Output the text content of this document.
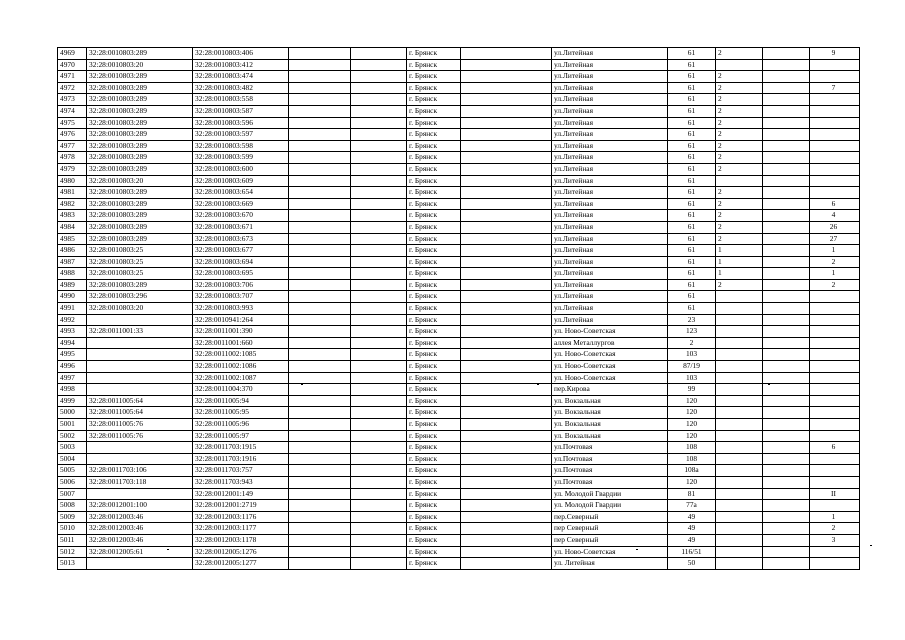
4969	32:28:0010803:289	32:28:0010803:406			г. Брянск		ул.Литейная	61	2		9
4970	32:28:0010803:20	32:28:0010803:412			г. Брянск		ул.Литейная	61			
4971	32:28:0010803:289	32:28:0010803:474			г. Брянск		ул.Литейная	61	2		
4972	32:28:0010803:289	32:28:0010803:482			г. Брянск		ул.Литейная	61	2		7
4973	32:28:0010803:289	32:28:0010803:558			г. Брянск		ул.Литейная	61	2		
4974	32:28:0010803:289	32:28:0010803:587			г. Брянск		ул.Литейная	61	2		
4975	32:28:0010803:289	32:28:0010803:596			г. Брянск		ул.Литейная	61	2		
4976	32:28:0010803:289	32:28:0010803:597			г. Брянск		ул.Литейная	61	2		
4977	32:28:0010803:289	32:28:0010803:598			г. Брянск		ул.Литейная	61	2		
4978	32:28:0010803:289	32:28:0010803:599			г. Брянск		ул.Литейная	61	2		
4979	32:28:0010803:289	32:28:0010803:600			г. Брянск		ул.Литейная	61	2		
4980	32:28:0010803:20	32:28:0010803:609			г. Брянск		ул.Литейная	61			
4981	32:28:0010803:289	32:28:0010803:654			г. Брянск		ул.Литейная	61	2		
4982	32:28:0010803:289	32:28:0010803:669			г. Брянск		ул.Литейная	61	2		6
4983	32:28:0010803:289	32:28:0010803:670			г. Брянск		ул.Литейная	61	2		4
4984	32:28:0010803:289	32:28:0010803:671			г. Брянск		ул.Литейная	61	2		26
4985	32:28:0010803:289	32:28:0010803:673			г. Брянск		ул.Литейная	61	2		27
4986	32:28:0010803:25	32:28:0010803:677			г. Брянск		ул.Литейная	61	1		1
4987	32:28:0010803:25	32:28:0010803:694			г. Брянск		ул.Литейная	61	1		2
4988	32:28:0010803:25	32:28:0010803:695			г. Брянск		ул.Литейная	61	1		1
4989	32:28:0010803:289	32:28:0010803:706			г. Брянск		ул.Литейная	61	2		2
4990	32:28:0010803:296	32:28:0010803:707			г. Брянск		ул.Литейная	61			
4991	32:28:0010803:20	32:28:0010803:993			г. Брянск		ул.Литейная	61			
4992		32:28:0010941:264			г. Брянск		ул.Литейная	23			
4993	32:28:0011001:33	32:28:0011001:390			г. Брянск		ул. Ново-Советская	123			
4994		32:28:0011001:660			г. Брянск		аллея Металлургов	2			
4995		32:28:0011002:1085			г. Брянск		ул. Ново-Советская	103			
4996		32:28:0011002:1086			г. Брянск		ул. Ново-Советская	87/19			
4997		32:28:0011002:1087			г. Брянск		ул. Ново-Советская	103			
4998		32:28:0011004:370			г. Брянск		пер.Кирова	99			
4999	32:28:0011005:64	32:28:0011005:94			г. Брянск		ул. Вокзальная	120			
5000	32:28:0011005:64	32:28:0011005:95			г. Брянск		ул. Вокзальная	120			
5001	32:28:0011005:76	32:28:0011005:96			г. Брянск		ул. Вокзальная	120			
5002	32:28:0011005:76	32:28:0011005:97			г. Брянск		ул. Вокзальная	120			
5003		32:28:0011703:1915			г. Брянск		ул.Почтовая	108			6
5004		32:28:0011703:1916			г. Брянск		ул.Почтовая	108			
5005	32:28:0011703:106	32:28:0011703:757			г. Брянск		ул.Почтовая	108а			
5006	32:28:0011703:118	32:28:0011703:943			г. Брянск		ул.Почтовая	120			
5007		32:28:0012001:149			г. Брянск		ул. Молодой Гвардии	81			II
5008	32:28:0012001:100	32:28:0012001:2719			г. Брянск		ул. Молодой Гвардии	77а			
5009	32:28:0012003:46	32:28:0012003:1176			г. Брянск		пер.Северный	49			1
5010	32:28:0012003:46	32:28:0012003:1177			г. Брянск		пер Северный	49			2
5011	32:28:0012003:46	32:28:0012003:1178			г. Брянск		пер Северный	49			3
5012	32:28:0012005:61	32:28:0012005:1276			г. Брянск		ул. Ново-Советская	116/51			
5013		32:28:0012005:1277			г. Брянск		ул. Литейная	50			
